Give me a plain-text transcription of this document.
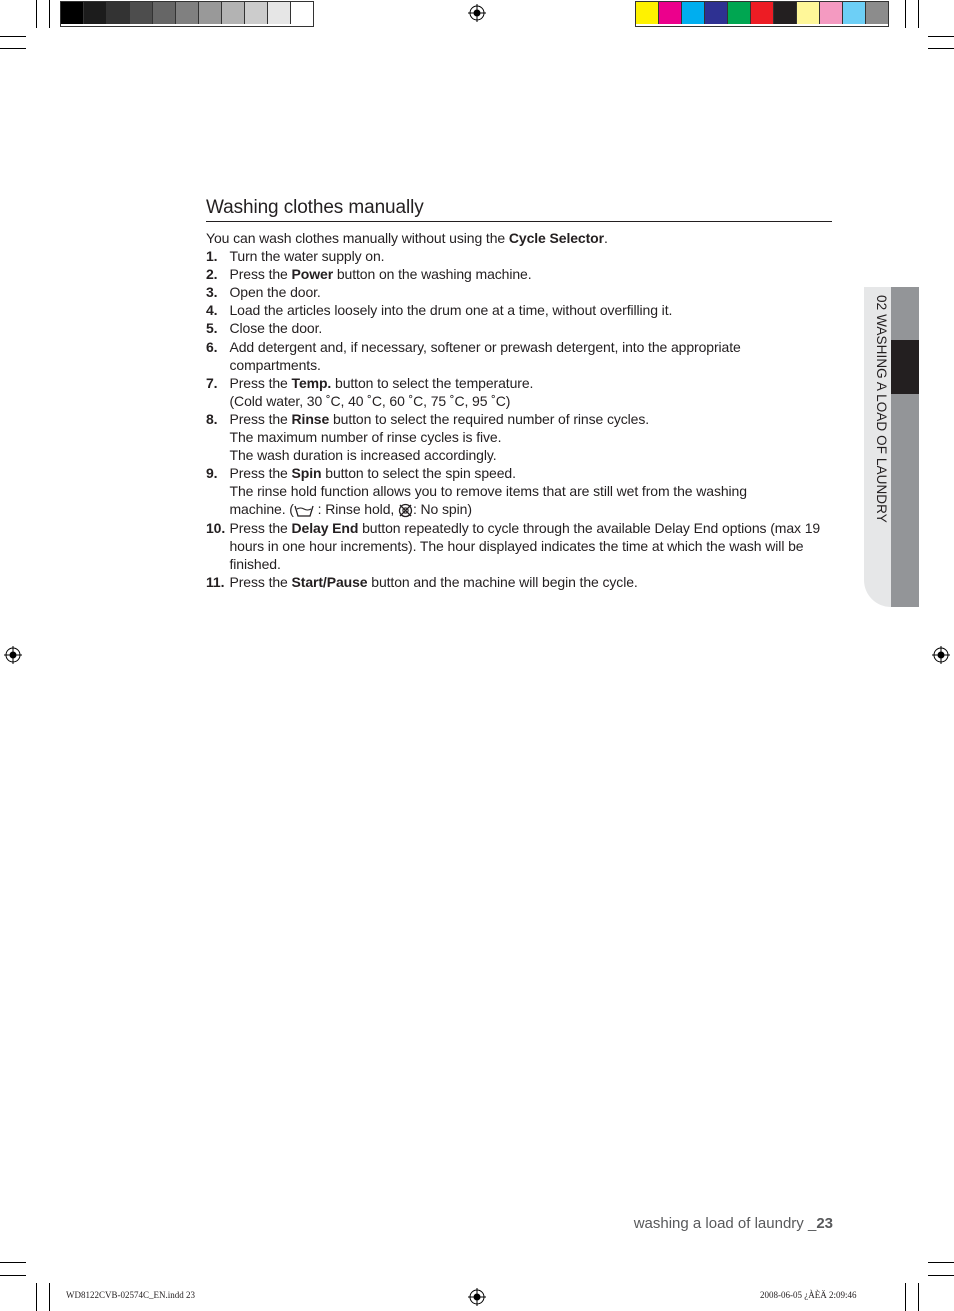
Washing clothes manually

You can wash clothes manually without using the Cycle Selector.

1. Turn the water supply on.
2. Press the Power button on the washing machine.
3. Open the door.
4. Load the articles loosely into the drum one at a time, without overfilling it.
5. Close the door.
6. Add detergent and, if necessary, softener or prewash detergent, into the appropriate compartments.
7. Press the Temp. button to select the temperature.
(Cold water, 30 ˚C, 40 ˚C, 60 ˚C, 75 ˚C, 95 ˚C)
8. Press the Rinse button to select the required number of rinse cycles.
The maximum number of rinse cycles is five.
The wash duration is increased accordingly.
9. Press the Spin button to select the spin speed.
The rinse hold function allows you to remove items that are still wet from the washing
machine. ( : Rinse hold, : No spin)
10. Press the Delay End button repeatedly to cycle through the available Delay End options (max 19 hours in one hour increments). The hour displayed indicates the time at which the wash will be finished.
11. Press the Start/Pause button and the machine will begin the cycle.
02 WASHING A LOAD OF LAUNDRY
washing a load of laundry _23
WD8122CVB-02574C_EN.indd 23	2008-06-05 ¿ÀÈÄ 2:09:46
